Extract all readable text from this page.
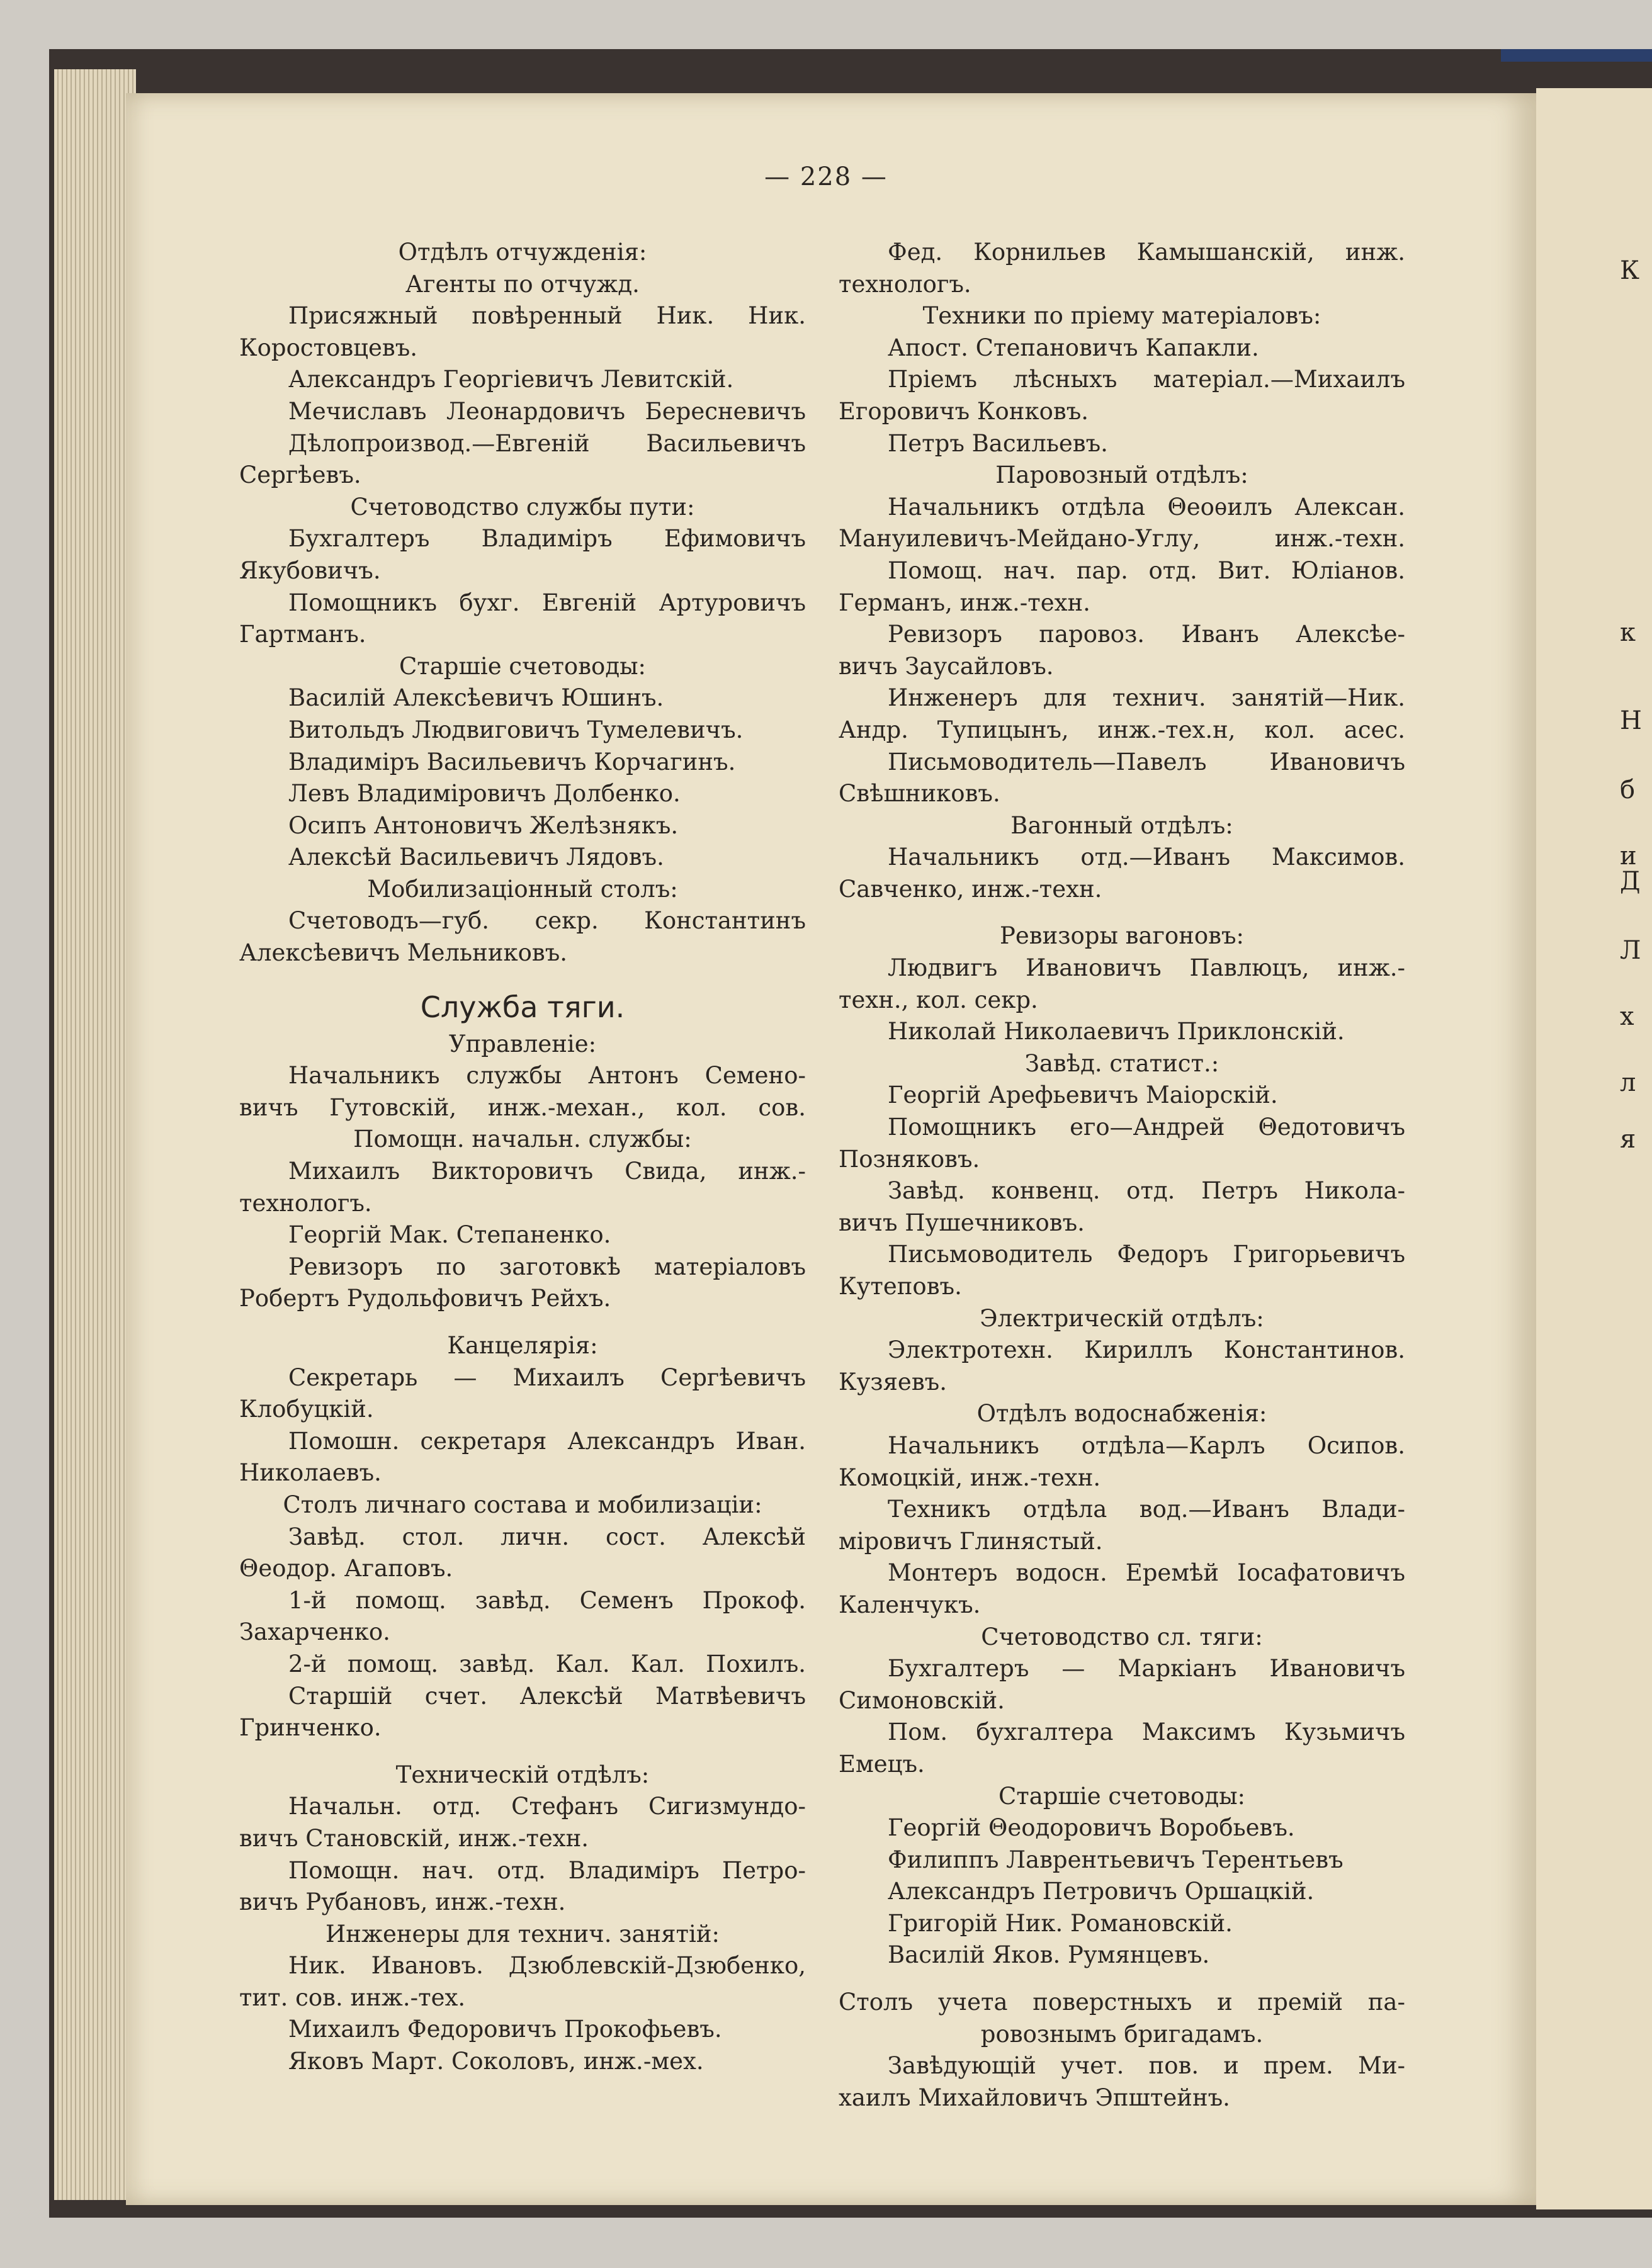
К
к
Н
б
и
Д
Л
х
л
я
— 228 —
Отдѣлъ отчужденія:
Агенты по отчужд.
Присяжный повѣренный Ник. Ник.
Коростовцевъ.
Александръ Георгіевичъ Левитскій.
Мечиславъ Леонардовичъ Бересневичъ
Дѣлопроизвод.—Евгеній Васильевичъ
Сергѣевъ.
Счетоводство службы пути:
Бухгалтеръ Владиміръ Ефимовичъ
Якубовичъ.
Помощникъ бухг. Евгеній Артуровичъ
Гартманъ.
Старшіе счетоводы:
Василій Алексѣевичъ Юшинъ.
Витольдъ Людвиговичъ Тумелевичъ.
Владиміръ Васильевичъ Корчагинъ.
Левъ Владиміровичъ Долбенко.
Осипъ Антоновичъ Желѣзнякъ.
Алексѣй Васильевичъ Лядовъ.
Мобилизаціонный столъ:
Счетоводъ—губ. секр. Константинъ
Алексѣевичъ Мельниковъ.
Служба тяги.
Управленіе:
Начальникъ службы Антонъ Семено-
вичъ Гутовскій, инж.-механ., кол. сов.
Помощн. начальн. службы:
Михаилъ Викторовичъ Свида, инж.-
технологъ.
Георгій Мак. Степаненко.
Ревизоръ по заготовкѣ матеріаловъ
Робертъ Рудольфовичъ Рейхъ.
Канцелярія:
Секретарь — Михаилъ Сергѣевичъ
Клобуцкій.
Помошн. секретаря Александръ Иван.
Николаевъ.
Столъ личнаго состава и мобилизаціи:
Завѣд. стол. личн. сост. Алексѣй
Θеодор. Агаповъ.
1-й помощ. завѣд. Семенъ Прокоф.
Захарченко.
2-й помощ. завѣд. Кал. Кал. Похилъ.
Старшій счет. Алексѣй Матвѣевичъ
Гринченко.
Техническій отдѣлъ:
Начальн. отд. Стефанъ Сигизмундо-
вичъ Становскій, инж.-техн.
Помощн. нач. отд. Владиміръ Петро-
вичъ Рубановъ, инж.-техн.
Инженеры для технич. занятій:
Ник. Ивановъ. Дзюблевскій-Дзюбенко,
тит. сов. инж.-тех.
Михаилъ Федоровичъ Прокофьевъ.
Яковъ Март. Соколовъ, инж.-мех.
Фед. Корнильев Камышанскій, инж.
технологъ.
Техники по пріему матеріаловъ:
Апост. Степановичъ Капакли.
Пріемъ лѣсныхъ матеріал.—Михаилъ
Егоровичъ Конковъ.
Петръ Васильевъ.
Паровозный отдѣлъ:
Начальникъ отдѣла Θеоѳилъ Алексан.
Мануилевичъ-Мейдано-Углу, инж.-техн.
Помощ. нач. пар. отд. Вит. Юліанов.
Германъ, инж.-техн.
Ревизоръ паровоз. Иванъ Алексѣе-
вичъ Заусайловъ.
Инженеръ для технич. занятій—Ник.
Андр. Тупицынъ, инж.-тех.н, кол. асес.
Письмоводитель—Павелъ Ивановичъ
Свѣшниковъ.
Вагонный отдѣлъ:
Начальникъ отд.—Иванъ Максимов.
Савченко, инж.-техн.
Ревизоры вагоновъ:
Людвигъ Ивановичъ Павлюцъ, инж.-
техн., кол. секр.
Николай Николаевичъ Приклонскій.
Завѣд. статист.:
Георгій Арефьевичъ Маіорскій.
Помощникъ его—Андрей Θедотовичъ
Позняковъ.
Завѣд. конвенц. отд. Петръ Никола-
вичъ Пушечниковъ.
Письмоводитель Федоръ Григорьевичъ
Кутеповъ.
Электрическій отдѣлъ:
Электротехн. Кириллъ Константинов.
Кузяевъ.
Отдѣлъ водоснабженія:
Начальникъ отдѣла—Карлъ Осипов.
Комоцкій, инж.-техн.
Техникъ отдѣла вод.—Иванъ Влади-
міровичъ Глинястый.
Монтеръ водосн. Еремѣй Іосафатовичъ
Каленчукъ.
Счетоводство сл. тяги:
Бухгалтеръ — Маркіанъ Ивановичъ
Симоновскій.
Пом. бухгалтера Максимъ Кузьмичъ
Емецъ.
Старшіе счетоводы:
Георгій Θеодоровичъ Воробьевъ.
Филиппъ Лаврентьевичъ Терентьевъ
Александръ Петровичъ Оршацкій.
Григорій Ник. Романовскій.
Василій Яков. Румянцевъ.
Столъ учета поверстныхъ и премій па-
ровознымъ бригадамъ.
Завѣдующій учет. пов. и прем. Ми-
хаилъ Михайловичъ Эпштейнъ.
